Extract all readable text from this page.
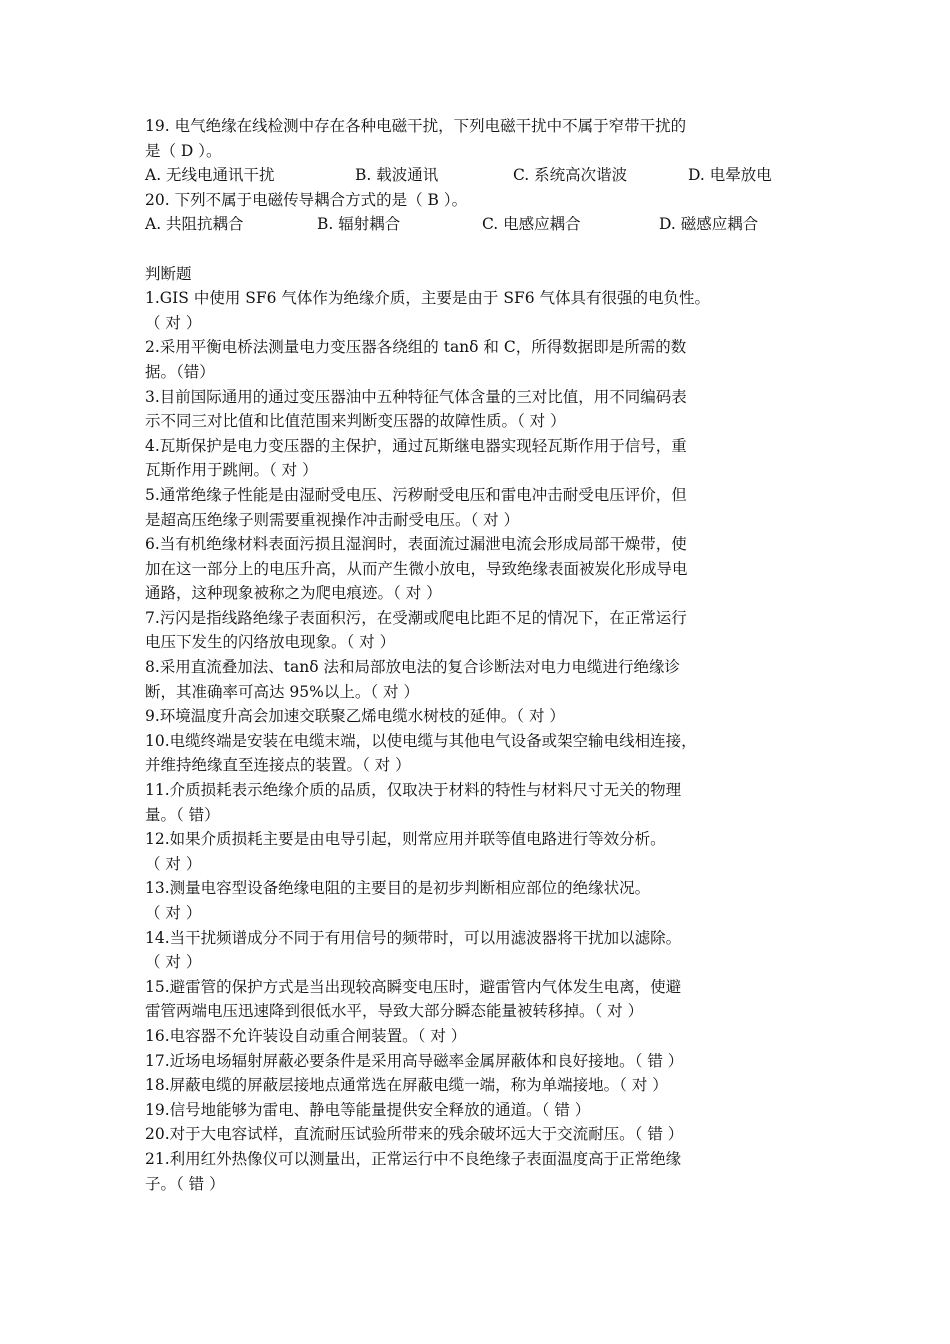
19. 电气绝缘在线检测中存在各种电磁干扰，下列电磁干扰中不属于窄带干扰的

是（ D ）。

A. 无线电通讯干扰	B. 载波通讯	C. 系统高次谐波	D. 电晕放电

20. 下列不属于电磁传导耦合方式的是（ B ）。

A. 共阻抗耦合	B. 辐射耦合	C. 电感应耦合	D. 磁感应耦合

判断题

1.GIS 中使用 SF6 气体作为绝缘介质，主要是由于 SF6 气体具有很强的电负性。

（ 对 ）

2.采用平衡电桥法测量电力变压器各绕组的 tanδ 和 C，所得数据即是所需的数

据。（错）

3.目前国际通用的通过变压器油中五种特征气体含量的三对比值，用不同编码表

示不同三对比值和比值范围来判断变压器的故障性质。（ 对 ）

4.瓦斯保护是电力变压器的主保护，通过瓦斯继电器实现轻瓦斯作用于信号，重

瓦斯作用于跳闸。（ 对 ）

5.通常绝缘子性能是由湿耐受电压、污秽耐受电压和雷电冲击耐受电压评价，但

是超高压绝缘子则需要重视操作冲击耐受电压。（ 对 ）

6.当有机绝缘材料表面污损且湿润时，表面流过漏泄电流会形成局部干燥带，使

加在这一部分上的电压升高，从而产生微小放电，导致绝缘表面被炭化形成导电

通路，这种现象被称之为爬电痕迹。（ 对 ）

7.污闪是指线路绝缘子表面积污，在受潮或爬电比距不足的情况下，在正常运行

电压下发生的闪络放电现象。（ 对 ）

8.采用直流叠加法、tanδ 法和局部放电法的复合诊断法对电力电缆进行绝缘诊

断，其准确率可高达 95%以上。（ 对 ）

9.环境温度升高会加速交联聚乙烯电缆水树枝的延伸。（ 对 ）

10.电缆终端是安装在电缆末端，以使电缆与其他电气设备或架空输电线相连接，

并维持绝缘直至连接点的装置。（ 对 ）

11.介质损耗表示绝缘介质的品质，仅取决于材料的特性与材料尺寸无关的物理

量。（ 错）

12.如果介质损耗主要是由电导引起，则常应用并联等值电路进行等效分析。

（ 对 ）

13.测量电容型设备绝缘电阻的主要目的是初步判断相应部位的绝缘状况。

（ 对 ）

14.当干扰频谱成分不同于有用信号的频带时，可以用滤波器将干扰加以滤除。

（ 对 ）

15.避雷管的保护方式是当出现较高瞬变电压时，避雷管内气体发生电离，使避

雷管两端电压迅速降到很低水平，导致大部分瞬态能量被转移掉。（ 对 ）

16.电容器不允许装设自动重合闸装置。（ 对 ）

17.近场电场辐射屏蔽必要条件是采用高导磁率金属屏蔽体和良好接地。（ 错 ）

18.屏蔽电缆的屏蔽层接地点通常选在屏蔽电缆一端，称为单端接地。（ 对 ）

19.信号地能够为雷电、静电等能量提供安全释放的通道。（ 错 ）

20.对于大电容试样，直流耐压试验所带来的残余破坏远大于交流耐压。（ 错 ）

21.利用红外热像仪可以测量出，正常运行中不良绝缘子表面温度高于正常绝缘

子。（ 错 ）
